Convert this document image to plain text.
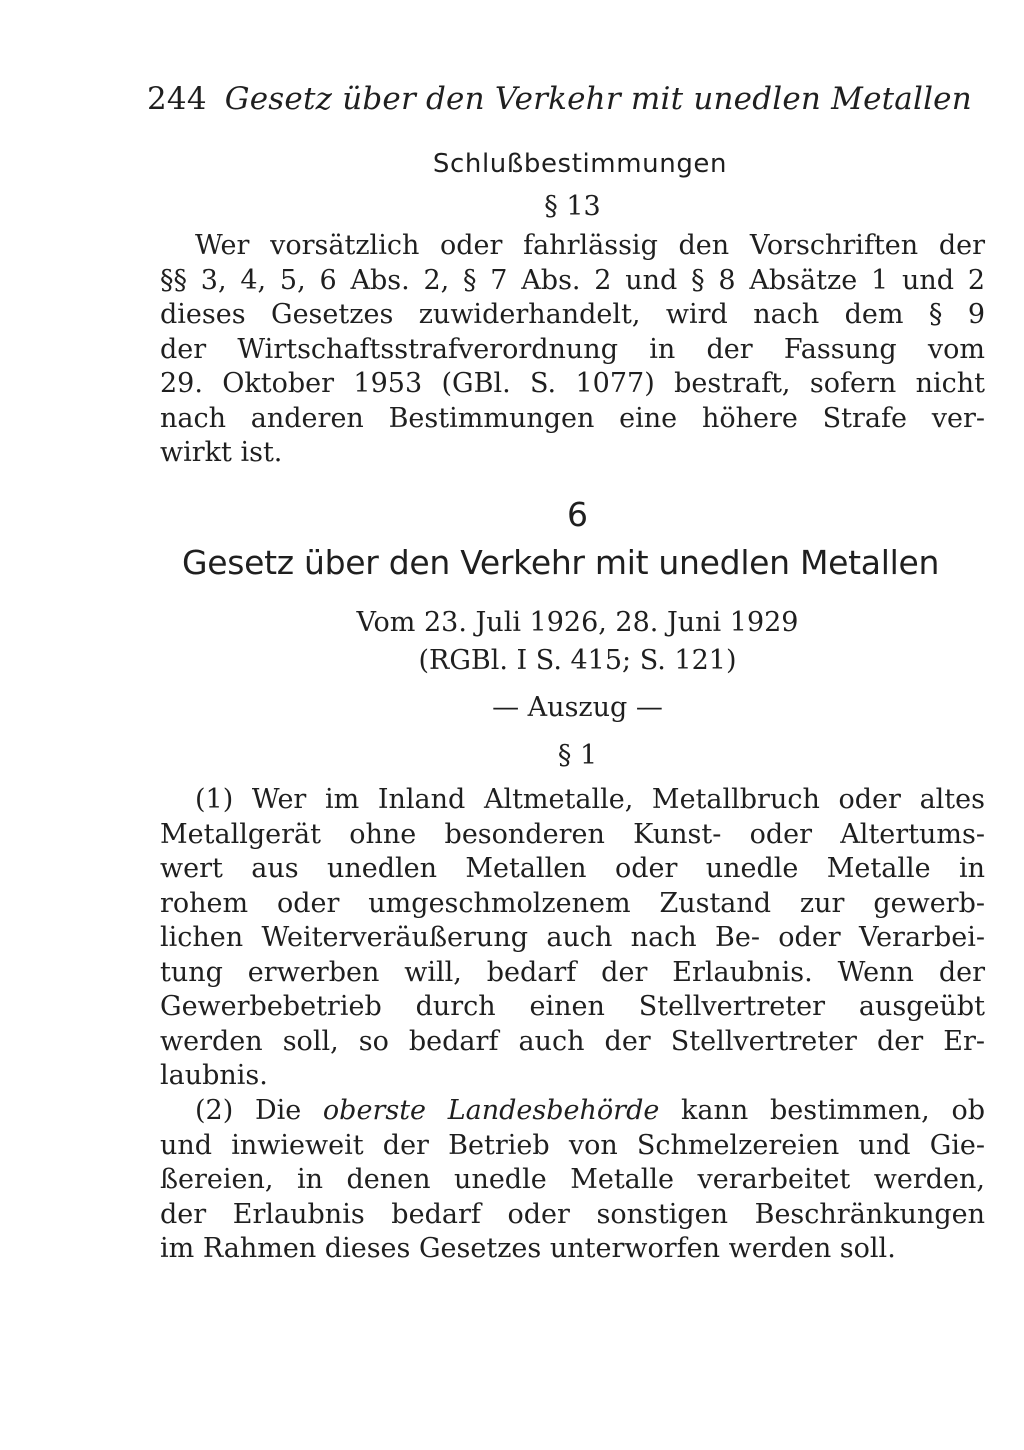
244 Gesetz über den Verkehr mit unedlen Metallen
Schlußbestimmungen
§ 13
Wer vorsätzlich oder fahrlässig den Vorschriften der
§§ 3, 4, 5, 6 Abs. 2, § 7 Abs. 2 und § 8 Absätze 1 und 2
dieses Gesetzes zuwiderhandelt, wird nach dem § 9
der Wirtschaftsstrafverordnung in der Fassung vom
29. Oktober 1953 (GBl. S. 1077) bestraft, sofern nicht
nach anderen Bestimmungen eine höhere Strafe ver-
wirkt ist.
6
Gesetz über den Verkehr mit unedlen Metallen
Vom 23. Juli 1926, 28. Juni 1929
(RGBl. I S. 415; S. 121)
— Auszug —
§ 1
(1) Wer im Inland Altmetalle, Metallbruch oder altes
Metallgerät ohne besonderen Kunst- oder Altertums-
wert aus unedlen Metallen oder unedle Metalle in
rohem oder umgeschmolzenem Zustand zur gewerb-
lichen Weiterveräußerung auch nach Be- oder Verarbei-
tung erwerben will, bedarf der Erlaubnis. Wenn der
Gewerbebetrieb durch einen Stellvertreter ausgeübt
werden soll, so bedarf auch der Stellvertreter der Er-
laubnis.
(2) Die oberste Landesbehörde kann bestimmen, ob
und inwieweit der Betrieb von Schmelzereien und Gie-
ßereien, in denen unedle Metalle verarbeitet werden,
der Erlaubnis bedarf oder sonstigen Beschränkungen
im Rahmen dieses Gesetzes unterworfen werden soll.
